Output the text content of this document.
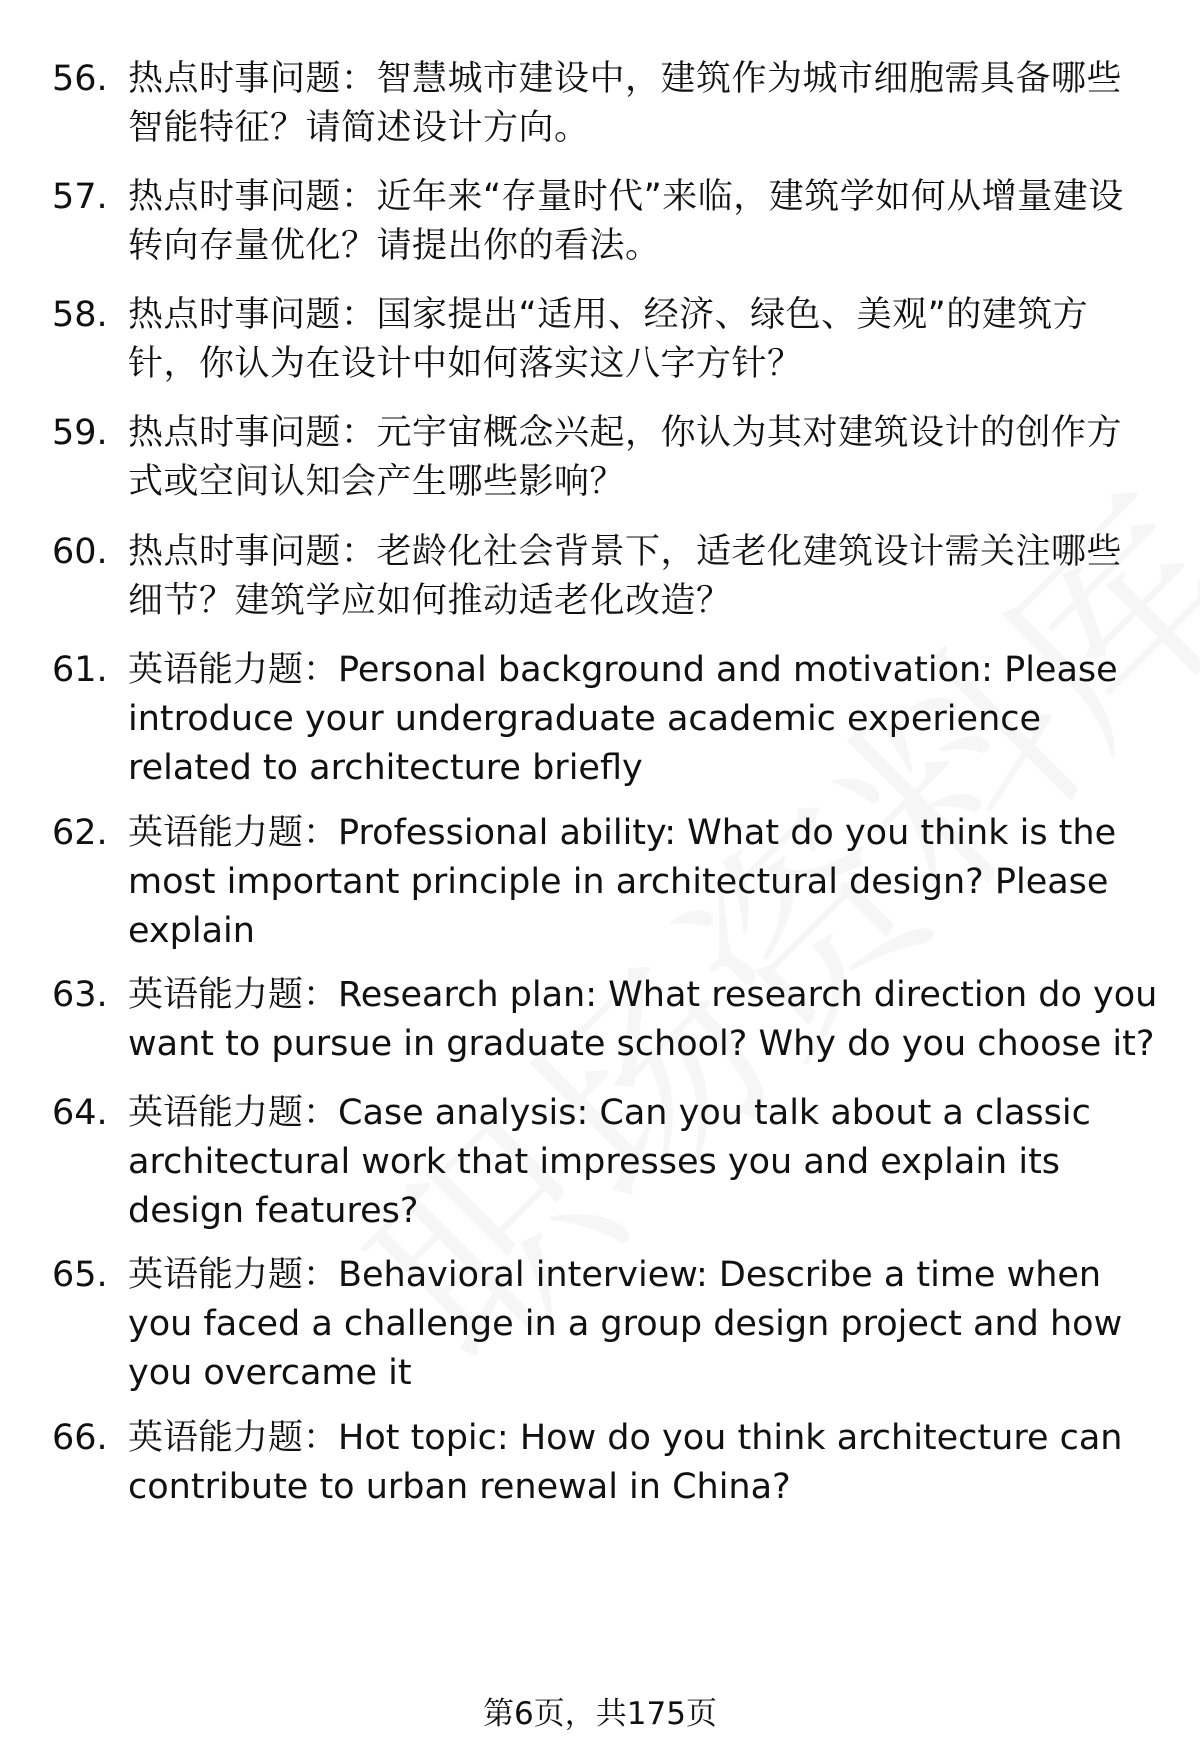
56. 热点时事问题：智慧城市建设中，建筑作为城市细胞需具备哪些智能特征？请简述设计方向。
57. 热点时事问题：近年来“存量时代”来临，建筑学如何从增量建设转向存量优化？请提出你的看法。
58. 热点时事问题：国家提出“适用、经济、绿色、美观”的建筑方针，你认为在设计中如何落实这八字方针？
59. 热点时事问题：元宇宙概念兴起，你认为其对建筑设计的创作方式或空间认知会产生哪些影响？
60. 热点时事问题：老龄化社会背景下，适老化建筑设计需关注哪些细节？建筑学应如何推动适老化改造？
61. 英语能力题：Personal background and motivation: Please introduce your undergraduate academic experience related to architecture briefly
62. 英语能力题：Professional ability: What do you think is the most important principle in architectural design? Please explain
63. 英语能力题：Research plan: What research direction do you want to pursue in graduate school? Why do you choose it?
64. 英语能力题：Case analysis: Can you talk about a classic architectural work that impresses you and explain its design features?
65. 英语能力题：Behavioral interview: Describe a time when you faced a challenge in a group design project and how you overcame it
66. 英语能力题：Hot topic: How do you think architecture can contribute to urban renewal in China?
第6页，共175页
